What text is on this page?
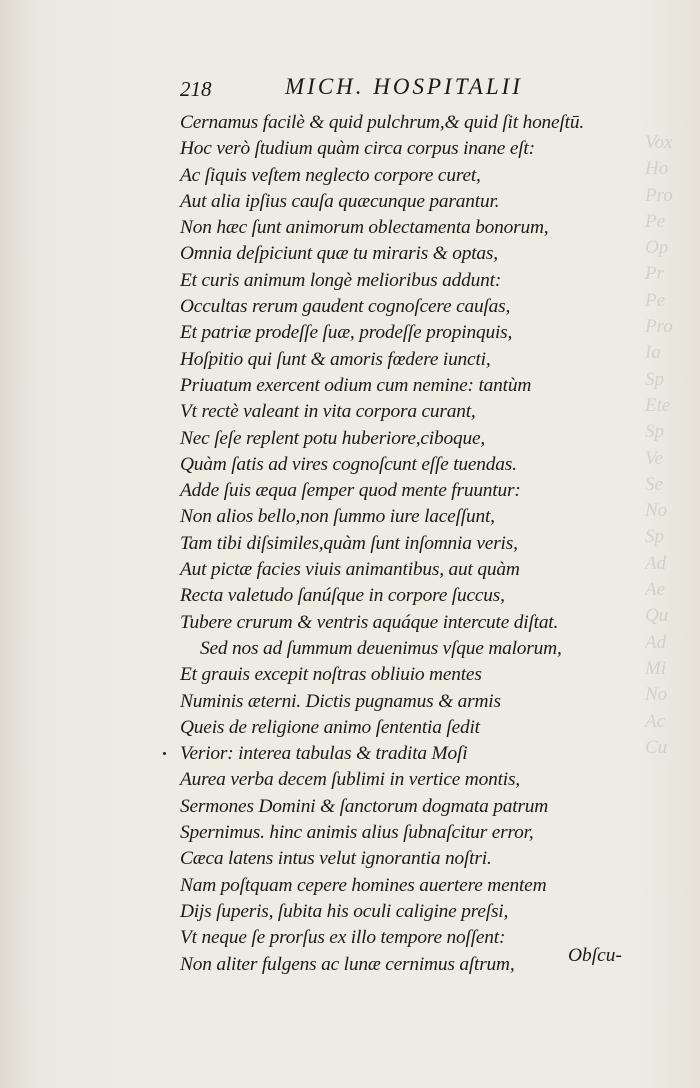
Vox
Ho
Pro
Pe
Op
Pr
Pe
Pro
Ia
Sp
Ete
Sp
Ve
Se
No
Sp
Ad
Ae
Qu
Ad
Mi
No
Ac
Cu
218	MICH. HOSPITALII
Cernamus facilè & quid pulchrum,& quid ſit honeſtū.
Hoc verò ſtudium quàm circa corpus inane eſt:
Ac ſiquis veſtem neglecto corpore curet,
Aut alia ipſius cauſa quæcunque parantur.
Non hæc ſunt animorum oblectamenta bonorum,
Omnia deſpiciunt quæ tu miraris & optas,
Et curis animum longè melioribus addunt:
Occultas rerum gaudent cognoſcere cauſas,
Et patriæ prodeſſe ſuæ, prodeſſe propinquis,
Hoſpitio qui ſunt & amoris fœdere iuncti,
Priuatum exercent odium cum nemine: tantùm
Vt rectè valeant in vita corpora curant,
Nec ſeſe replent potu huberiore,ciboque,
Quàm ſatis ad vires cognoſcunt eſſe tuendas.
Adde ſuis æqua ſemper quod mente fruuntur:
Non alios bello,non ſummo iure laceſſunt,
Tam tibi diſsimiles,quàm ſunt inſomnia veris,
Aut pictæ facies viuis animantibus, aut quàm
Recta valetudo ſanúſque in corpore ſuccus,
Tubere crurum & ventris aquáque intercute diſtat.
Sed nos ad ſummum deuenimus vſque malorum,
Et grauis excepit noſtras obliuio mentes
Numinis æterni. Dictis pugnamus & armis
Queis de religione animo ſententia ſedit
Verior: interea tabulas & tradita Moſi
Aurea verba decem ſublimi in vertice montis,
Sermones Domini & ſanctorum dogmata patrum
Spernimus. hinc animis alius ſubnaſcitur error,
Cæca latens intus velut ignorantia noſtri.
Nam poſtquam cepere homines auertere mentem
Dijs ſuperis, ſubita his oculi caligine preſsi,
Vt neque ſe prorſus ex illo tempore noſſent:
Non aliter fulgens ac lunæ cernimus aſtrum,	Obſcu-
